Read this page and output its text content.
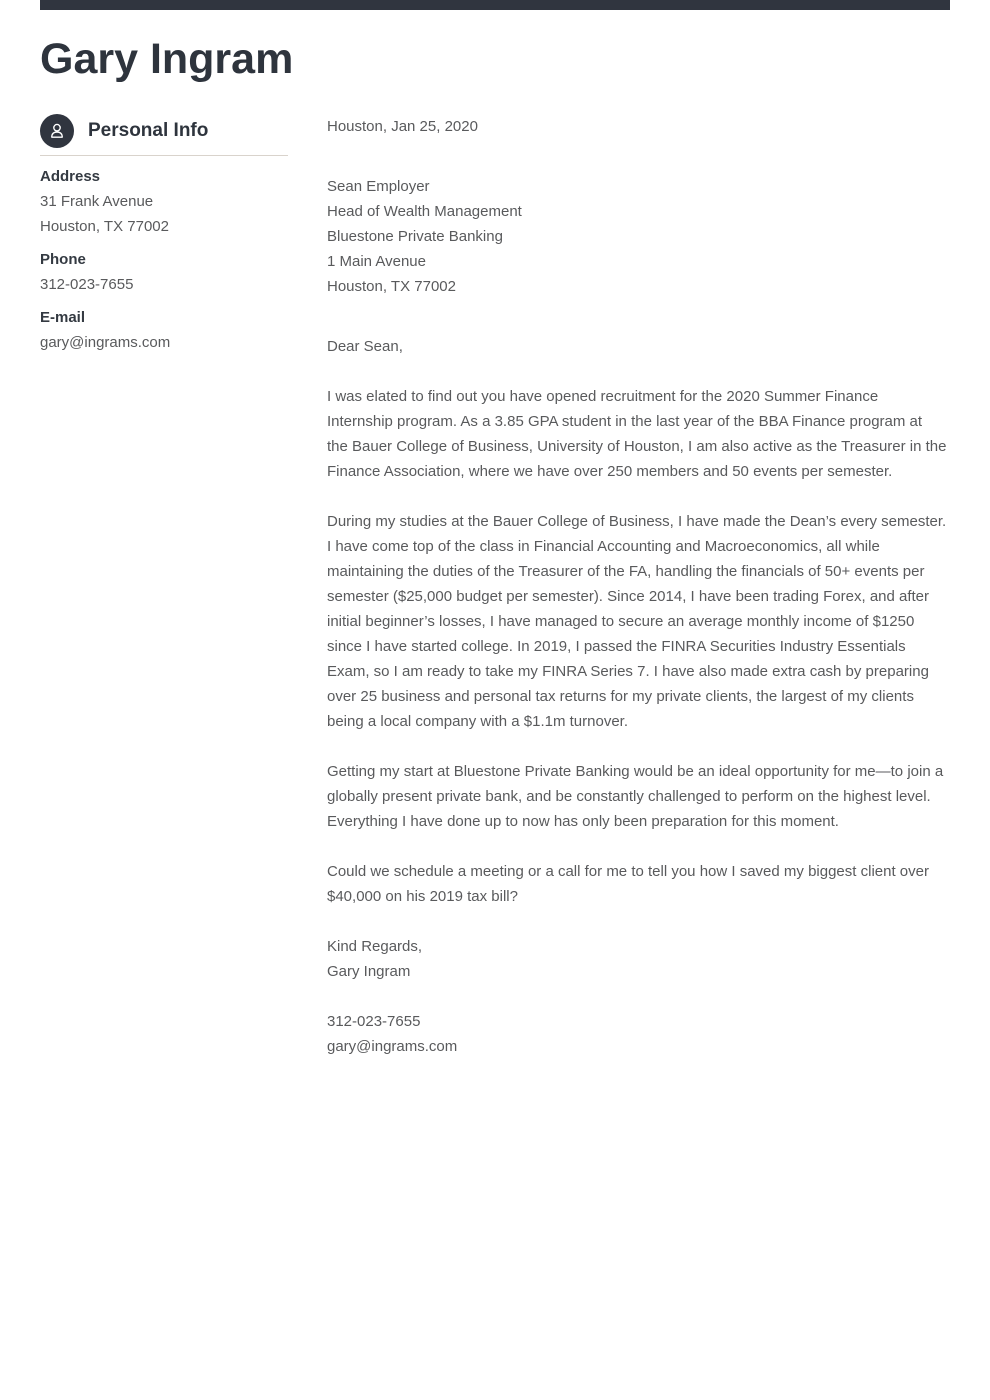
Gary Ingram
Personal Info
Address
31 Frank Avenue
Houston, TX 77002
Phone
312-023-7655
E-mail
gary@ingrams.com
Houston, Jan 25, 2020
Sean Employer
Head of Wealth Management
Bluestone Private Banking
1 Main Avenue
Houston, TX 77002
Dear Sean,

I was elated to find out you have opened recruitment for the 2020 Summer Finance Internship program. As a 3.85 GPA student in the last year of the BBA Finance program at the Bauer College of Business, University of Houston, I am also active as the Treasurer in the Finance Association, where we have over 250 members and 50 events per semester.

During my studies at the Bauer College of Business, I have made the Dean’s every semester. I have come top of the class in Financial Accounting and Macroeconomics, all while maintaining the duties of the Treasurer of the FA, handling the financials of 50+ events per semester ($25,000 budget per semester). Since 2014, I have been trading Forex, and after initial beginner’s losses, I have managed to secure an average monthly income of $1250 since I have started college. In 2019, I passed the FINRA Securities Industry Essentials Exam, so I am ready to take my FINRA Series 7. I have also made extra cash by preparing over 25 business and personal tax returns for my private clients, the largest of my clients being a local company with a $1.1m turnover.

Getting my start at Bluestone Private Banking would be an ideal opportunity for me—to join a globally present private bank, and be constantly challenged to perform on the highest level. Everything I have done up to now has only been preparation for this moment.

Could we schedule a meeting or a call for me to tell you how I saved my biggest client over $40,000 on his 2019 tax bill?

Kind Regards,
Gary Ingram
312-023-7655
gary@ingrams.com
